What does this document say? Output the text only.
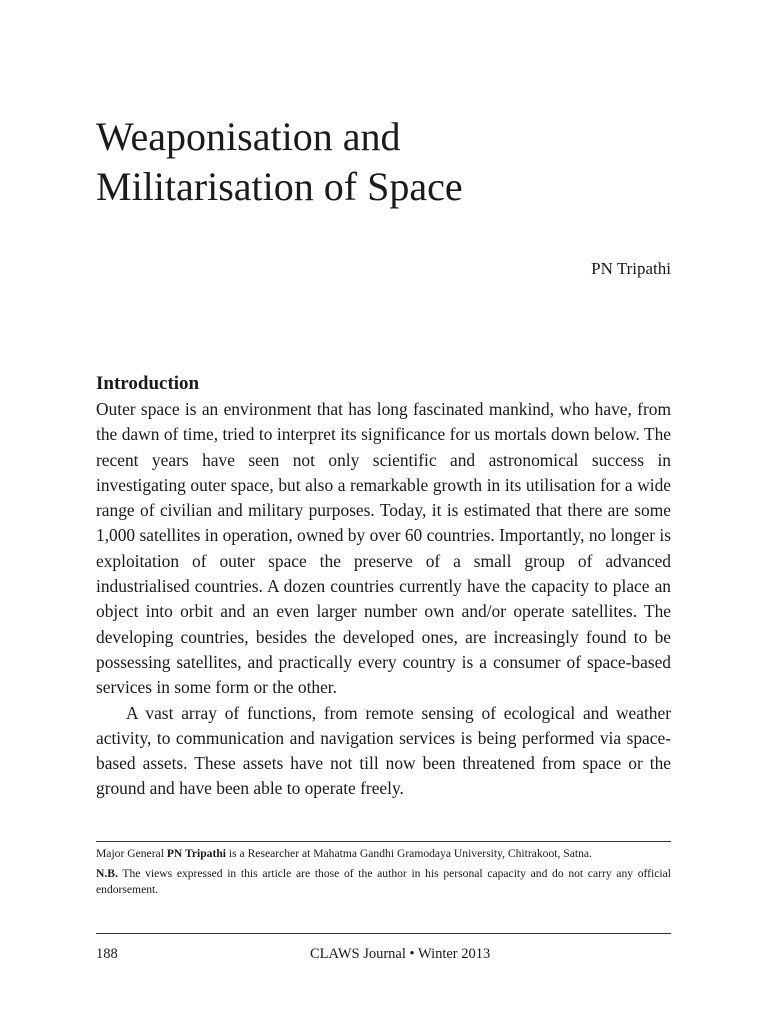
Weaponisation and
Militarisation of Space
PN Tripathi
Introduction

Outer space is an environment that has long fascinated mankind, who have, from the dawn of time, tried to interpret its significance for us mortals down below. The recent years have seen not only scientific and astronomical success in investigating outer space, but also a remarkable growth in its utilisation for a wide range of civilian and military purposes. Today, it is estimated that there are some 1,000 satellites in operation, owned by over 60 countries. Importantly, no longer is exploitation of outer space the preserve of a small group of advanced industrialised countries. A dozen countries currently have the capacity to place an object into orbit and an even larger number own and/or operate satellites. The developing countries, besides the developed ones, are increasingly found to be possessing satellites, and practically every country is a consumer of space-based services in some form or the other.

A vast array of functions, from remote sensing of ecological and weather activity, to communication and navigation services is being performed via space-based assets. These assets have not till now been threatened from space or the ground and have been able to operate freely.

Major General PN Tripathi is a Researcher at Mahatma Gandhi Gramodaya University, Chitrakoot, Satna.

N.B. The views expressed in this article are those of the author in his personal capacity and do not carry any official endorsement.

188	CLAWS Journal • Winter 2013
